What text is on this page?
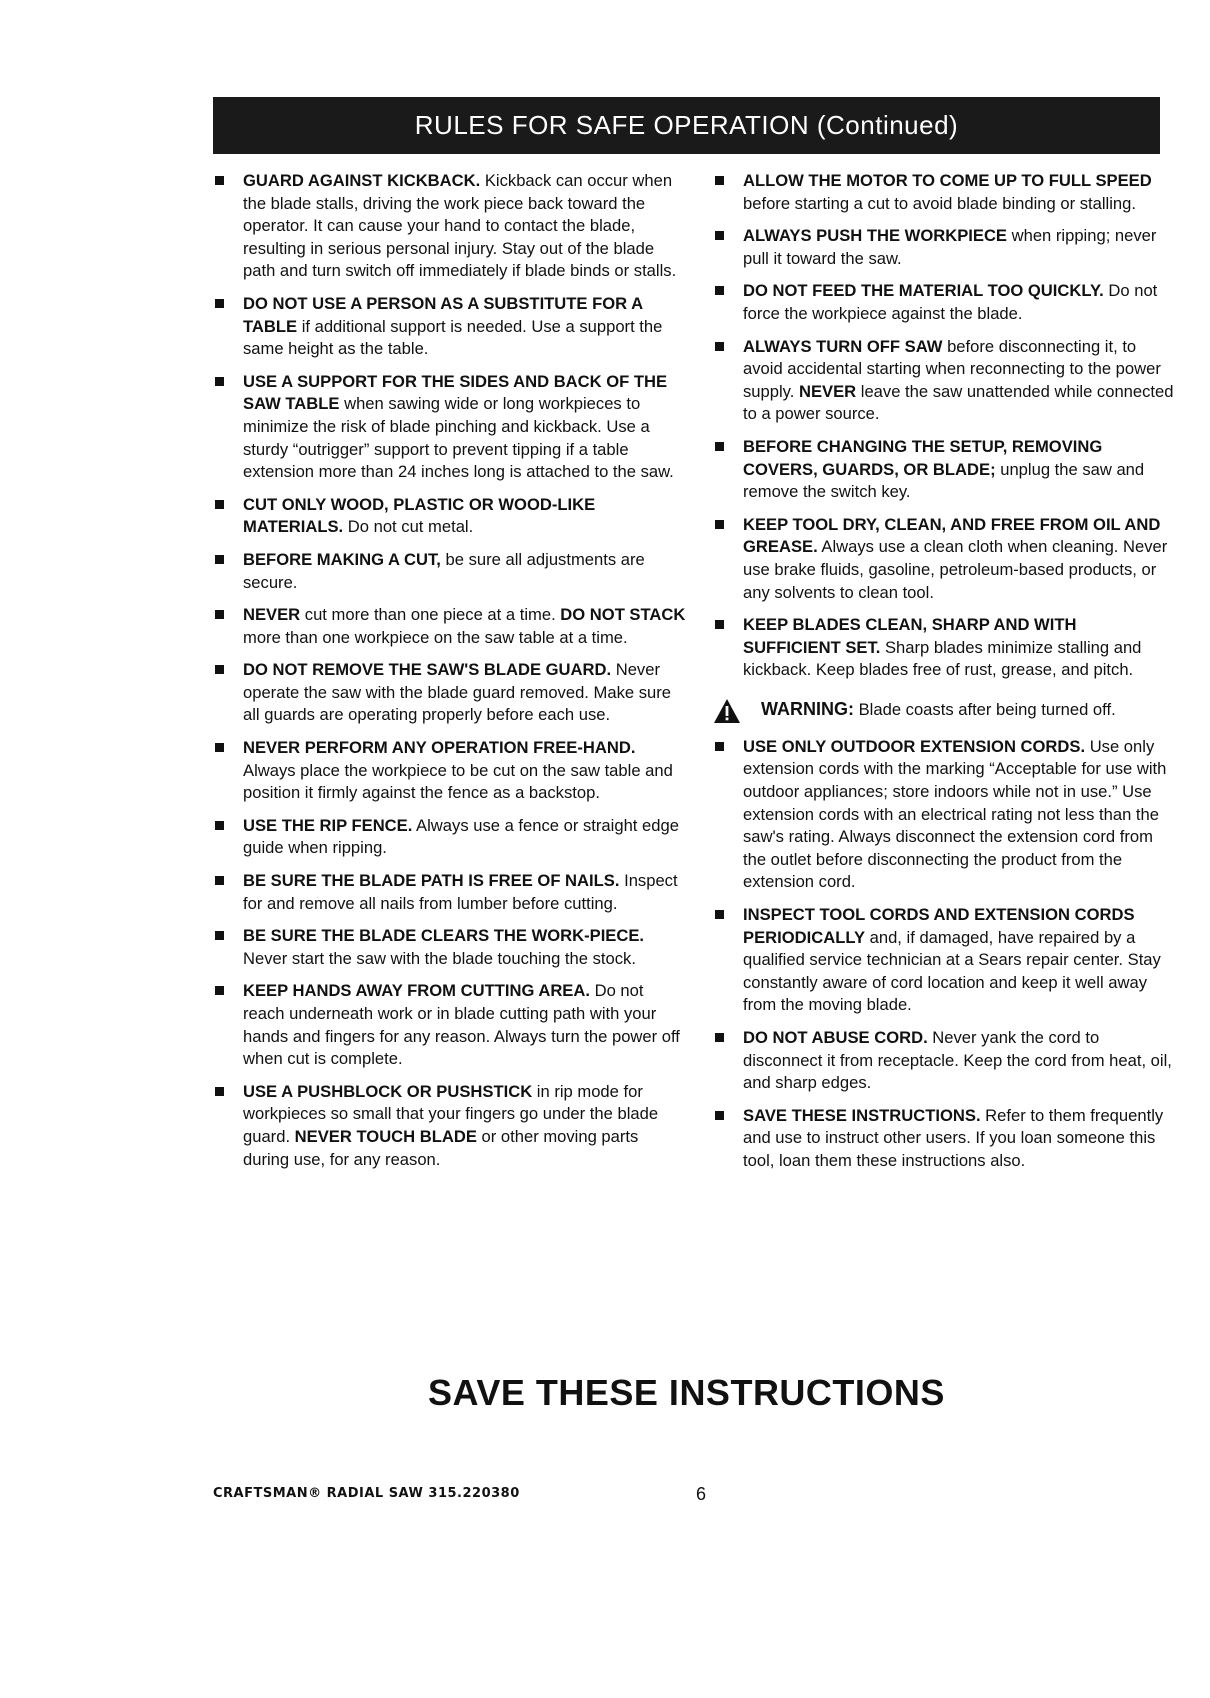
RULES FOR SAFE OPERATION (Continued)
GUARD AGAINST KICKBACK. Kickback can occur when the blade stalls, driving the work piece back toward the operator. It can cause your hand to contact the blade, resulting in serious personal injury. Stay out of the blade path and turn switch off immediately if blade binds or stalls.
DO NOT USE A PERSON AS A SUBSTITUTE FOR A TABLE if additional support is needed. Use a support the same height as the table.
USE A SUPPORT FOR THE SIDES AND BACK OF THE SAW TABLE when sawing wide or long workpieces to minimize the risk of blade pinching and kickback. Use a sturdy “outrigger” support to prevent tipping if a table extension more than 24 inches long is attached to the saw.
CUT ONLY WOOD, PLASTIC OR WOOD-LIKE MATERIALS. Do not cut metal.
BEFORE MAKING A CUT, be sure all adjustments are secure.
NEVER cut more than one piece at a time. DO NOT STACK more than one workpiece on the saw table at a time.
DO NOT REMOVE THE SAW'S BLADE GUARD. Never operate the saw with the blade guard removed. Make sure all guards are operating properly before each use.
NEVER PERFORM ANY OPERATION FREE-HAND. Always place the workpiece to be cut on the saw table and position it firmly against the fence as a backstop.
USE THE RIP FENCE. Always use a fence or straight edge guide when ripping.
BE SURE THE BLADE PATH IS FREE OF NAILS. Inspect for and remove all nails from lumber before cutting.
BE SURE THE BLADE CLEARS THE WORK-PIECE. Never start the saw with the blade touching the stock.
KEEP HANDS AWAY FROM CUTTING AREA. Do not reach underneath work or in blade cutting path with your hands and fingers for any reason. Always turn the power off when cut is complete.
USE A PUSHBLOCK OR PUSHSTICK in rip mode for workpieces so small that your fingers go under the blade guard. NEVER TOUCH BLADE or other moving parts during use, for any reason.
ALLOW THE MOTOR TO COME UP TO FULL SPEED before starting a cut to avoid blade binding or stalling.
ALWAYS PUSH THE WORKPIECE when ripping; never pull it toward the saw.
DO NOT FEED THE MATERIAL TOO QUICKLY. Do not force the workpiece against the blade.
ALWAYS TURN OFF SAW before disconnecting it, to avoid accidental starting when reconnecting to the power supply. NEVER leave the saw unattended while connected to a power source.
BEFORE CHANGING THE SETUP, REMOVING COVERS, GUARDS, OR BLADE; unplug the saw and remove the switch key.
KEEP TOOL DRY, CLEAN, AND FREE FROM OIL AND GREASE. Always use a clean cloth when cleaning. Never use brake fluids, gasoline, petroleum-based products, or any solvents to clean tool.
KEEP BLADES CLEAN, SHARP AND WITH SUFFICIENT SET. Sharp blades minimize stalling and kickback. Keep blades free of rust, grease, and pitch.
WARNING: Blade coasts after being turned off.
USE ONLY OUTDOOR EXTENSION CORDS. Use only extension cords with the marking “Acceptable for use with outdoor appliances; store indoors while not in use.” Use extension cords with an electrical rating not less than the saw's rating. Always disconnect the extension cord from the outlet before disconnecting the product from the extension cord.
INSPECT TOOL CORDS AND EXTENSION CORDS PERIODICALLY and, if damaged, have repaired by a qualified service technician at a Sears repair center. Stay constantly aware of cord location and keep it well away from the moving blade.
DO NOT ABUSE CORD. Never yank the cord to disconnect it from receptacle. Keep the cord from heat, oil, and sharp edges.
SAVE THESE INSTRUCTIONS. Refer to them frequently and use to instruct other users. If you loan someone this tool, loan them these instructions also.
SAVE THESE INSTRUCTIONS
CRAFTSMAN® RADIAL SAW 315.220380	6
